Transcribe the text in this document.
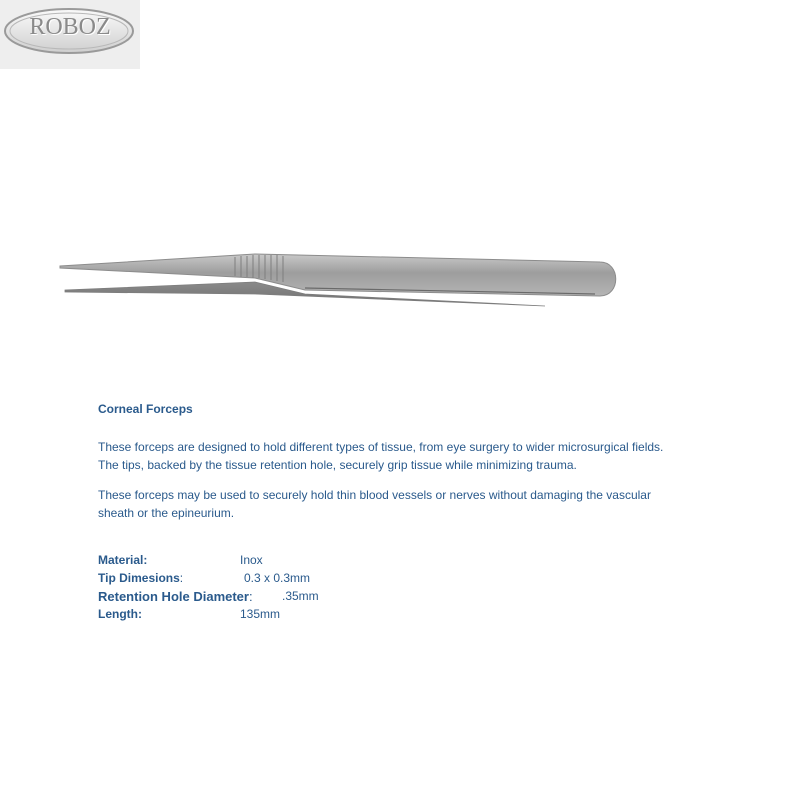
ROBOZ
Corneal Forceps

These forceps are designed to hold different types of tissue, from eye surgery to wider microsurgical fields. The tips, backed by the tissue retention hole, securely grip tissue while minimizing trauma.

These forceps may be used to securely hold thin blood vessels or nerves without damaging the vascular sheath or the epineurium.

Material:	Inox
Tip Dimesions:	0.3 x 0.3mm
Retention Hole Diameter: .35mm
Length:	135mm
